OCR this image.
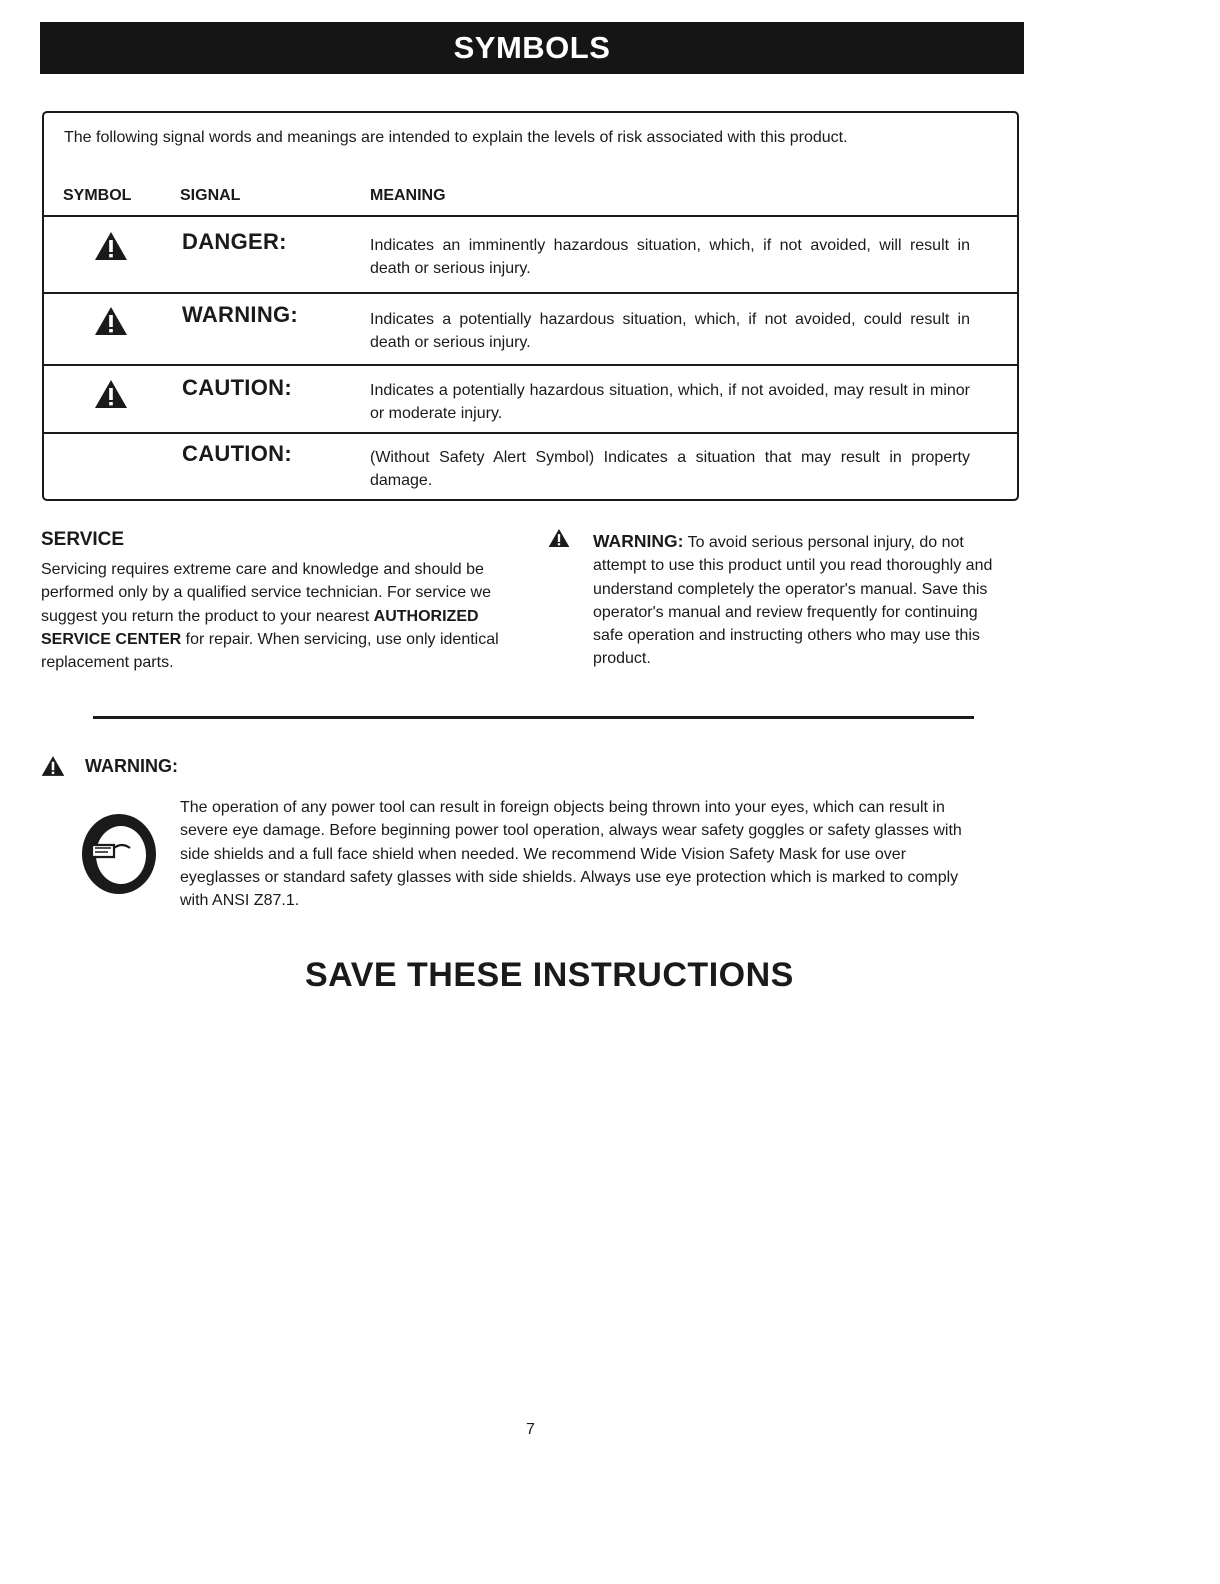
SYMBOLS
The following signal words and meanings are intended to explain the levels of risk associated with this product.
SYMBOL	SIGNAL	MEANING
DANGER:	Indicates an imminently hazardous situation, which, if not avoided, will result in death or serious injury.
WARNING:	Indicates a potentially hazardous situation, which, if not avoided, could result in death or serious injury.
CAUTION:	Indicates a potentially hazardous situation, which, if not avoided, may result in minor or moderate injury.
CAUTION:	(Without Safety Alert Symbol) Indicates a situation that may result in property damage.
SERVICE
Servicing requires extreme care and knowledge and should be performed only by a qualified service technician. For service we suggest you return the product to your nearest AUTHORIZED SERVICE CENTER for repair. When servicing, use only identical replacement parts.
WARNING: To avoid serious personal injury, do not attempt to use this product until you read thoroughly and understand completely the operator's manual. Save this operator's manual and review frequently for continuing safe operation and instructing others who may use this product.
WARNING:
The operation of any power tool can result in foreign objects being thrown into your eyes, which can result in severe eye damage. Before beginning power tool operation, always wear safety goggles or safety glasses with side shields and a full face shield when needed. We recommend Wide Vision Safety Mask for use over eyeglasses or standard safety glasses with side shields. Always use eye protection which is marked to comply with ANSI Z87.1.
SAVE THESE INSTRUCTIONS
7
